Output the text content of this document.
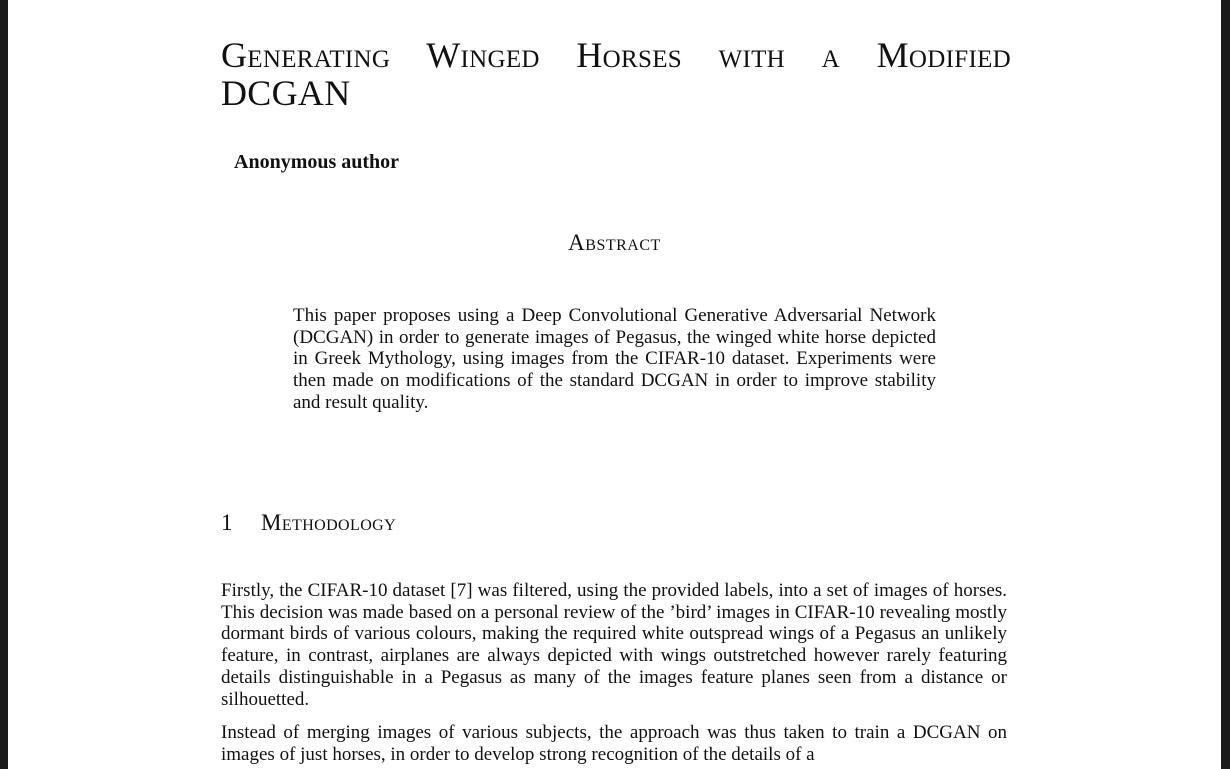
Generating Winged Horses with a Modified DCGAN
Anonymous author
Abstract

This paper proposes using a Deep Convolutional Generative Adversarial Network (DCGAN) in order to generate images of Pegasus, the winged white horse depicted in Greek Mythology, using images from the CIFAR-10 dataset. Experiments were then made on modifications of the standard DCGAN in order to improve stability and result quality.

1 Methodology

Firstly, the CIFAR-10 dataset [7] was filtered, using the provided labels, into a set of images of horses. This decision was made based on a personal review of the ’bird’ images in CIFAR-10 revealing mostly dormant birds of various colours, making the required white outspread wings of a Pegasus an unlikely feature, in contrast, airplanes are always depicted with wings outstretched however rarely featuring details distinguishable in a Pegasus as many of the images feature planes seen from a distance or silhouetted.

Instead of merging images of various subjects, the approach was thus taken to train a DCGAN on images of just horses, in order to develop strong recognition of the details of a
